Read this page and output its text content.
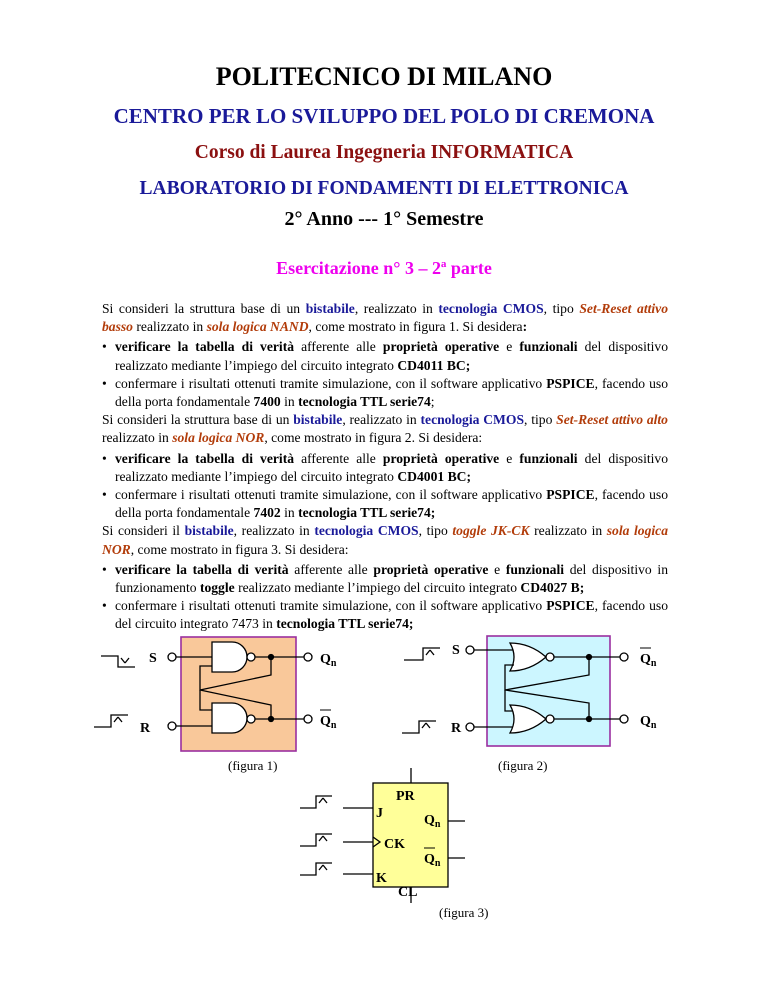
POLITECNICO DI MILANO
CENTRO PER LO SVILUPPO DEL POLO DI CREMONA
Corso di Laurea Ingegneria INFORMATICA
LABORATORIO DI FONDAMENTI DI ELETTRONICA
2° Anno --- 1° Semestre
Esercitazione n° 3 – 2ª parte

Si consideri la struttura base di un bistabile, realizzato in tecnologia CMOS, tipo Set-Reset attivo basso realizzato in sola logica NAND, come mostrato in figura 1. Si desidera:

• verificare la tabella di verità afferente alle proprietà operative e funzionali del dispositivo realizzato mediante l’impiego del circuito integrato CD4011 BC;
• confermare i risultati ottenuti tramite simulazione, con il software applicativo PSPICE, facendo uso della porta fondamentale 7400 in tecnologia TTL serie74;

Si consideri la struttura base di un bistabile, realizzato in tecnologia CMOS, tipo Set-Reset attivo alto realizzato in sola logica NOR, come mostrato in figura 2. Si desidera:

• verificare la tabella di verità afferente alle proprietà operative e funzionali del dispositivo realizzato mediante l’impiego del circuito integrato CD4001 BC;
• confermare i risultati ottenuti tramite simulazione, con il software applicativo PSPICE, facendo uso della porta fondamentale 7402 in tecnologia TTL serie74;

Si consideri il bistabile, realizzato in tecnologia CMOS, tipo toggle JK-CK realizzato in sola logica NOR, come mostrato in figura 3. Si desidera:

• verificare la tabella di verità afferente alle proprietà operative e funzionali del dispositivo in funzionamento toggle realizzato mediante l’impiego del circuito integrato CD4027 B;
• confermare i risultati ottenuti tramite simulazione, con il software applicativo PSPICE, facendo uso del circuito integrato 7473 in tecnologia TTL serie74;
S
R
$Q_n$
$Q_n$
(figura 1)
S
R
$Q_n$
$Q_n$
(figura 2)
PR
J
CK
K
CL
$Q_n$
$Q_n$
(figura 3)
